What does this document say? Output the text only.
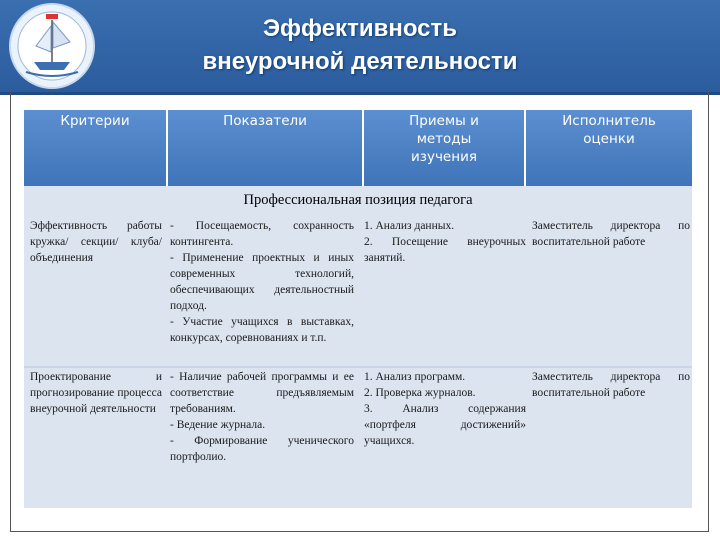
Эффективность
внеурочной деятельности
Критерии	Показатели	Приемы и методы изучения
Исполнитель оценки
Профессиональная позиция педагога
Эффективность работы кружка/ секции/ клуба/ объединения

- Посещаемость, сохранность контингента.

- Применение проектных и иных современных технологий, обеспечивающих деятельностный подход.

- Участие учащихся в выставках, конкурсах, соревнованиях и т.п.

1. Анализ данных.

2. Посещение внеурочных занятий.

Заместитель директора по воспитательной работе
Проектирование и прогнозирование процесса внеурочной деятельности

- Наличие рабочей программы и ее соответствие предъявляемым требованиям.

- Ведение журнала.

- Формирование ученического портфолио.

1. Анализ программ.

2. Проверка журналов.

3. Анализ содержания «портфеля достижений» учащихся.

Заместитель директора по воспитательной работе
